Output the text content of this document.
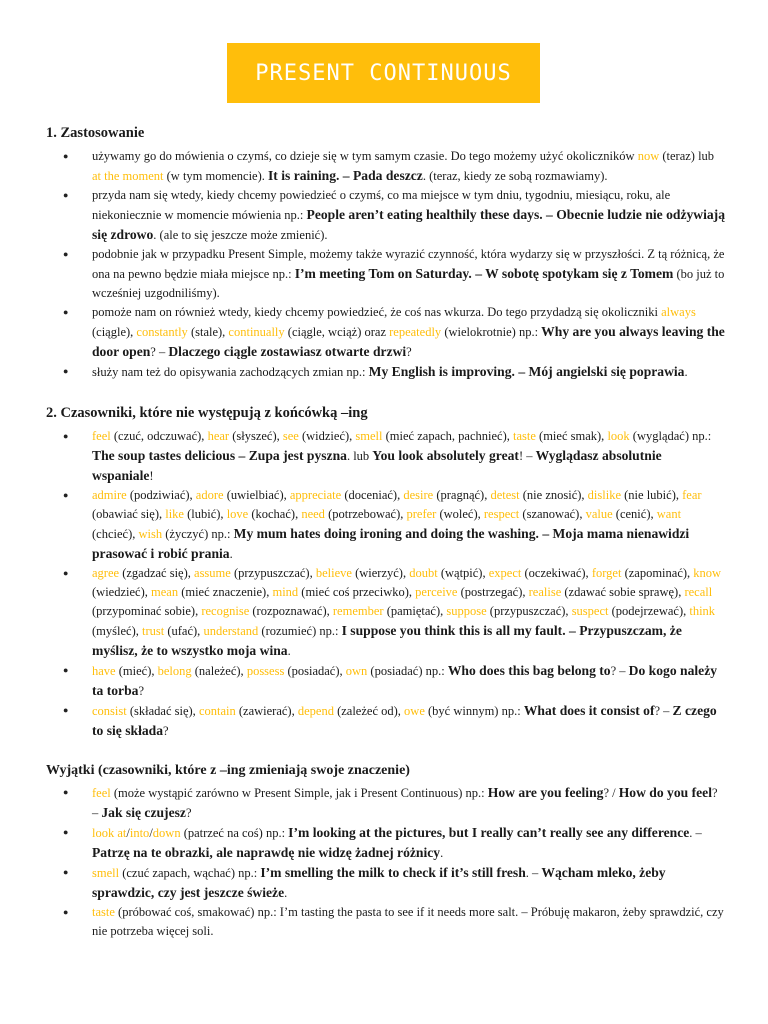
PRESENT CONTINUOUS
1. Zastosowanie
● używamy go do mówienia o czymś, co dzieje się w tym samym czasie. Do tego możemy użyć okoliczników now (teraz) lub at the moment (w tym momencie). It is raining. – Pada deszcz. (teraz, kiedy ze sobą rozmawiamy).
● przyda nam się wtedy, kiedy chcemy powiedzieć o czymś, co ma miejsce w tym dniu, tygodniu, miesiącu, roku, ale niekoniecznie w momencie mówienia np.: People aren’t eating healthily these days. – Obecnie ludzie nie odżywiają się zdrowo. (ale to się jeszcze może zmienić).
● podobnie jak w przypadku Present Simple, możemy także wyrazić czynność, która wydarzy się w przyszłości. Z tą różnicą, że ona na pewno będzie miała miejsce np.: I’m meeting Tom on Saturday. – W sobotę spotykam się z Tomem (bo już to wcześniej uzgodniliśmy).
● pomoże nam on również wtedy, kiedy chcemy powiedzieć, że coś nas wkurza. Do tego przydadzą się okoliczniki always (ciągle), constantly (stale), continually (ciągle, wciąż) oraz repeatedly (wielokrotnie) np.: Why are you always leaving the door open? – Dlaczego ciągle zostawiasz otwarte drzwi?
● służy nam też do opisywania zachodzących zmian np.: My English is improving. – Mój angielski się poprawia.
2. Czasowniki, które nie występują z końcówką –ing
● feel (czuć, odczuwać), hear (słyszeć), see (widzieć), smell (mieć zapach, pachnieć), taste (mieć smak), look (wyglądać) np.: The soup tastes delicious – Zupa jest pyszna. lub You look absolutely great! – Wyglądasz absolutnie wspaniale!
● admire (podziwiać), adore (uwielbiać), appreciate (doceniać), desire (pragnąć), detest (nie znosić), dislike (nie lubić), fear (obawiać się), like (lubić), love (kochać), need (potrzebować), prefer (woleć), respect (szanować), value (cenić), want (chcieć), wish (życzyć) np.: My mum hates doing ironing and doing the washing. – Moja mama nienawidzi prasować i robić prania.
● agree (zgadzać się), assume (przypuszczać), believe (wierzyć), doubt (wątpić), expect (oczekiwać), forget (zapominać), know (wiedzieć), mean (mieć znaczenie), mind (mieć coś przeciwko), perceive (postrzegać), realise (zdawać sobie sprawę), recall (przypominać sobie), recognise (rozpoznawać), remember (pamiętać), suppose (przypuszczać), suspect (podejrzewać), think (myśleć), trust (ufać), understand (rozumieć) np.: I suppose you think this is all my fault. – Przypuszczam, że myślisz, że to wszystko moja wina.
● have (mieć), belong (należeć), possess (posiadać), own (posiadać) np.: Who does this bag belong to? – Do kogo należy ta torba?
● consist (składać się), contain (zawierać), depend (zależeć od), owe (być winnym) np.: What does it consist of? – Z czego to się składa?
Wyjątki (czasowniki, które z –ing zmieniają swoje znaczenie)
● feel (może wystąpić zarówno w Present Simple, jak i Present Continuous) np.: How are you feeling? / How do you feel? – Jak się czujesz?
● look at/into/down (patrzeć na coś) np.: I’m looking at the pictures, but I really can’t really see any difference. – Patrzę na te obrazki, ale naprawdę nie widzę żadnej różnicy.
● smell (czuć zapach, wąchać) np.: I’m smelling the milk to check if it’s still fresh. – Wącham mleko, żeby sprawdzic, czy jest jeszcze świeże.
● taste (próbować coś, smakować) np.: I’m tasting the pasta to see if it needs more salt. – Próbuję makaron, żeby sprawdzić, czy nie potrzeba więcej soli.
